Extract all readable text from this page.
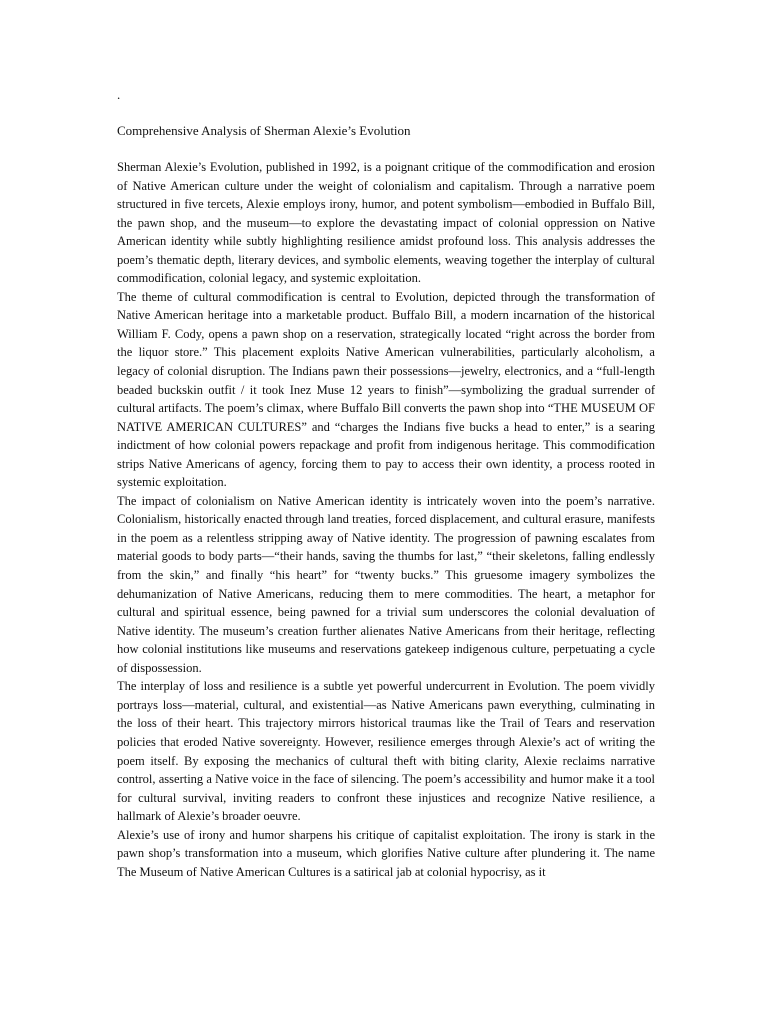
.

Comprehensive Analysis of Sherman Alexie’s Evolution

Sherman Alexie’s Evolution, published in 1992, is a poignant critique of the commodification and erosion of Native American culture under the weight of colonialism and capitalism. Through a narrative poem structured in five tercets, Alexie employs irony, humor, and potent symbolism—embodied in Buffalo Bill, the pawn shop, and the museum—to explore the devastating impact of colonial oppression on Native American identity while subtly highlighting resilience amidst profound loss. This analysis addresses the poem’s thematic depth, literary devices, and symbolic elements, weaving together the interplay of cultural commodification, colonial legacy, and systemic exploitation.

The theme of cultural commodification is central to Evolution, depicted through the transformation of Native American heritage into a marketable product. Buffalo Bill, a modern incarnation of the historical William F. Cody, opens a pawn shop on a reservation, strategically located “right across the border from the liquor store.” This placement exploits Native American vulnerabilities, particularly alcoholism, a legacy of colonial disruption. The Indians pawn their possessions—jewelry, electronics, and a “full-length beaded buckskin outfit / it took Inez Muse 12 years to finish”—symbolizing the gradual surrender of cultural artifacts. The poem’s climax, where Buffalo Bill converts the pawn shop into “THE MUSEUM OF NATIVE AMERICAN CULTURES” and “charges the Indians five bucks a head to enter,” is a searing indictment of how colonial powers repackage and profit from indigenous heritage. This commodification strips Native Americans of agency, forcing them to pay to access their own identity, a process rooted in systemic exploitation.

The impact of colonialism on Native American identity is intricately woven into the poem’s narrative. Colonialism, historically enacted through land treaties, forced displacement, and cultural erasure, manifests in the poem as a relentless stripping away of Native identity. The progression of pawning escalates from material goods to body parts—“their hands, saving the thumbs for last,” “their skeletons, falling endlessly from the skin,” and finally “his heart” for “twenty bucks.” This gruesome imagery symbolizes the dehumanization of Native Americans, reducing them to mere commodities. The heart, a metaphor for cultural and spiritual essence, being pawned for a trivial sum underscores the colonial devaluation of Native identity. The museum’s creation further alienates Native Americans from their heritage, reflecting how colonial institutions like museums and reservations gatekeep indigenous culture, perpetuating a cycle of dispossession.

The interplay of loss and resilience is a subtle yet powerful undercurrent in Evolution. The poem vividly portrays loss—material, cultural, and existential—as Native Americans pawn everything, culminating in the loss of their heart. This trajectory mirrors historical traumas like the Trail of Tears and reservation policies that eroded Native sovereignty. However, resilience emerges through Alexie’s act of writing the poem itself. By exposing the mechanics of cultural theft with biting clarity, Alexie reclaims narrative control, asserting a Native voice in the face of silencing. The poem’s accessibility and humor make it a tool for cultural survival, inviting readers to confront these injustices and recognize Native resilience, a hallmark of Alexie’s broader oeuvre.

Alexie’s use of irony and humor sharpens his critique of capitalist exploitation. The irony is stark in the pawn shop’s transformation into a museum, which glorifies Native culture after plundering it. The name The Museum of Native American Cultures is a satirical jab at colonial hypocrisy, as it
